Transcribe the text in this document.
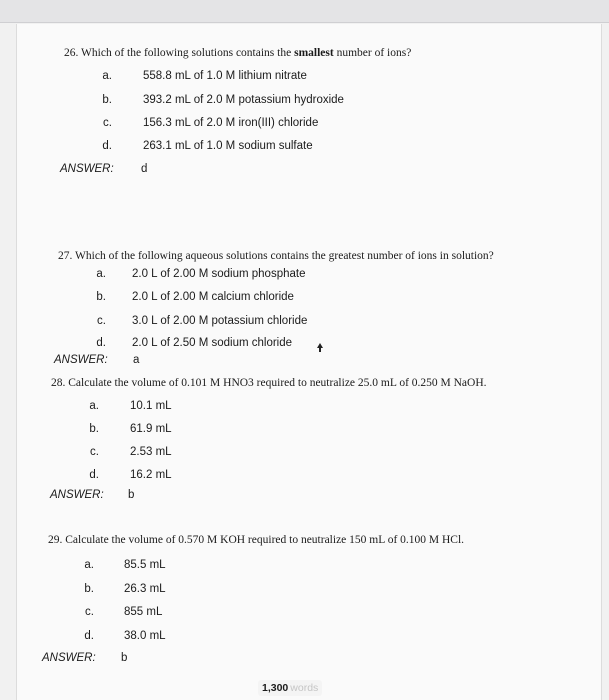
26. Which of the following solutions contains the smallest number of ions?
a.	558.8 mL of 1.0 M lithium nitrate
b.	393.2 mL of 2.0 M potassium hydroxide
c.	156.3 mL of 2.0 M iron(III) chloride
d.	263.1 mL of 1.0 M sodium sulfate
ANSWER: d
27. Which of the following aqueous solutions contains the greatest number of ions in solution?
a. 2.0 L of 2.00 M sodium phosphate
b. 2.0 L of 2.00 M calcium chloride
c. 3.0 L of 2.00 M potassium chloride
d. 2.0 L of 2.50 M sodium chloride
ANSWER: a
28. Calculate the volume of 0.101 M HNO3 required to neutralize 25.0 mL of 0.250 M NaOH.
a.	10.1 mL
b.	61.9 mL
c.	2.53 mL
d.	16.2 mL
ANSWER: b
29. Calculate the volume of 0.570 M KOH required to neutralize 150 mL of 0.100 M HCl.
a.	85.5 mL
b.	26.3 mL
c.	855 mL
d.	38.0 mL
ANSWER: b
1,300 words
